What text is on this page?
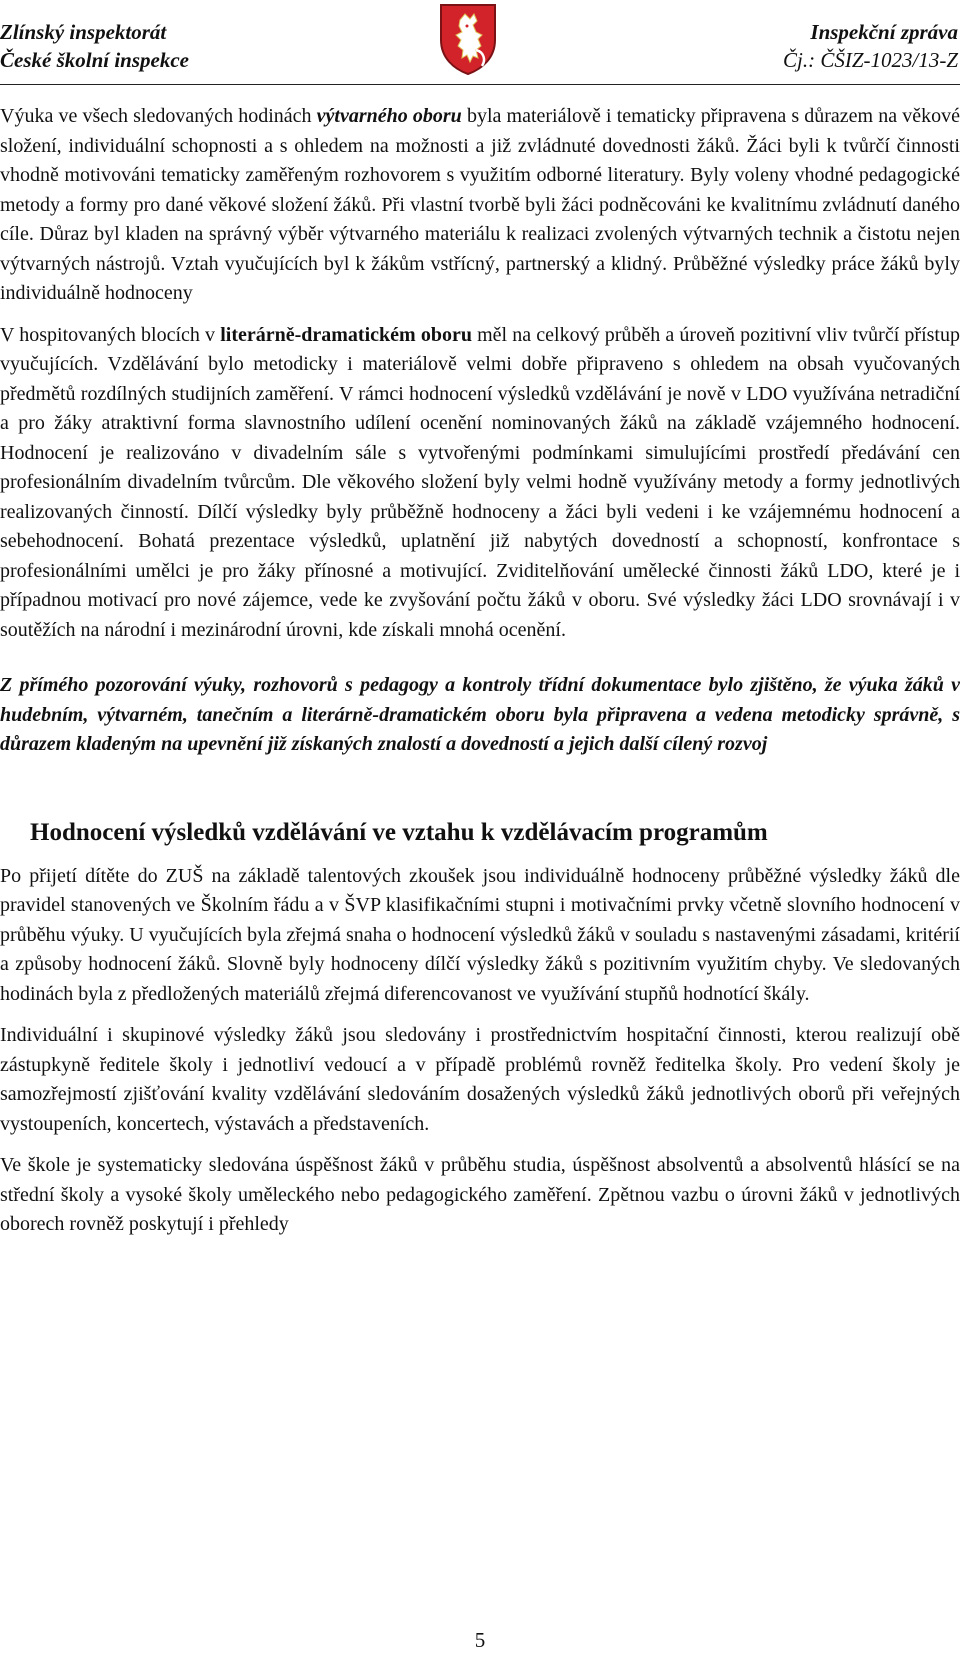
Zlínský inspektorát
České školní inspekce
Inspekční zpráva
Čj.: ČŠIZ-1023/13-Z

Výuka ve všech sledovaných hodinách výtvarného oboru byla materiálově i tematicky připravena s důrazem na věkové složení, individuální schopnosti a s ohledem na možnosti a již zvládnuté dovednosti žáků. Žáci byli k tvůrčí činnosti vhodně motivováni tematicky zaměřeným rozhovorem s využitím odborné literatury. Byly voleny vhodné pedagogické metody a formy pro dané věkové složení žáků. Při vlastní tvorbě byli žáci podněcováni ke kvalitnímu zvládnutí daného cíle. Důraz byl kladen na správný výběr výtvarného materiálu k realizaci zvolených výtvarných technik a čistotu nejen výtvarných nástrojů. Vztah vyučujících byl k žákům vstřícný, partnerský a klidný. Průběžné výsledky práce žáků byly individuálně hodnoceny

V hospitovaných blocích v literárně-dramatickém oboru měl na celkový průběh a úroveň pozitivní vliv tvůrčí přístup vyučujících. Vzdělávání bylo metodicky i materiálově velmi dobře připraveno s ohledem na obsah vyučovaných předmětů rozdílných studijních zaměření. V rámci hodnocení výsledků vzdělávání je nově v LDO využívána netradiční a pro žáky atraktivní forma slavnostního udílení ocenění nominovaných žáků na základě vzájemného hodnocení. Hodnocení je realizováno v divadelním sále s vytvořenými podmínkami simulujícími prostředí předávání cen profesionálním divadelním tvůrcům. Dle věkového složení byly velmi hodně využívány metody a formy jednotlivých realizovaných činností. Dílčí výsledky byly průběžně hodnoceny a žáci byli vedeni i ke vzájemnému hodnocení a sebehodnocení. Bohatá prezentace výsledků, uplatnění již nabytých dovedností a schopností, konfrontace s profesionálními umělci je pro žáky přínosné a motivující. Zviditelňování umělecké činnosti žáků LDO, které je i případnou motivací pro nové zájemce, vede ke zvyšování počtu žáků v oboru. Své výsledky žáci LDO srovnávají i v soutěžích na národní i mezinárodní úrovni, kde získali mnohá ocenění.

Z přímého pozorování výuky, rozhovorů s pedagogy a kontroly třídní dokumentace bylo zjištěno, že výuka žáků v hudebním, výtvarném, tanečním a literárně-dramatickém oboru byla připravena a vedena metodicky správně, s důrazem kladeným na upevnění již získaných znalostí a dovedností a jejich další cílený rozvoj

Hodnocení výsledků vzdělávání ve vztahu k vzdělávacím programům

Po přijetí dítěte do ZUŠ na základě talentových zkoušek jsou individuálně hodnoceny průběžné výsledky žáků dle pravidel stanovených ve Školním řádu a v ŠVP klasifikačními stupni i motivačními prvky včetně slovního hodnocení v průběhu výuky. U vyučujících byla zřejmá snaha o hodnocení výsledků žáků v souladu s nastavenými zásadami, kritérií a způsoby hodnocení žáků. Slovně byly hodnoceny dílčí výsledky žáků s pozitivním využitím chyby. Ve sledovaných hodinách byla z předložených materiálů zřejmá diferencovanost ve využívání stupňů hodnotící škály.

Individuální i skupinové výsledky žáků jsou sledovány i prostřednictvím hospitační činnosti, kterou realizují obě zástupkyně ředitele školy i jednotliví vedoucí a v případě problémů rovněž ředitelka školy. Pro vedení školy je samozřejmostí zjišťování kvality vzdělávání sledováním dosažených výsledků žáků jednotlivých oborů při veřejných vystoupeních, koncertech, výstavách a představeních.

Ve škole je systematicky sledována úspěšnost žáků v průběhu studia, úspěšnost absolventů a absolventů hlásící se na střední školy a vysoké školy uměleckého nebo pedagogického zaměření. Zpětnou vazbu o úrovni žáků v jednotlivých oborech rovněž poskytují i přehledy

5
